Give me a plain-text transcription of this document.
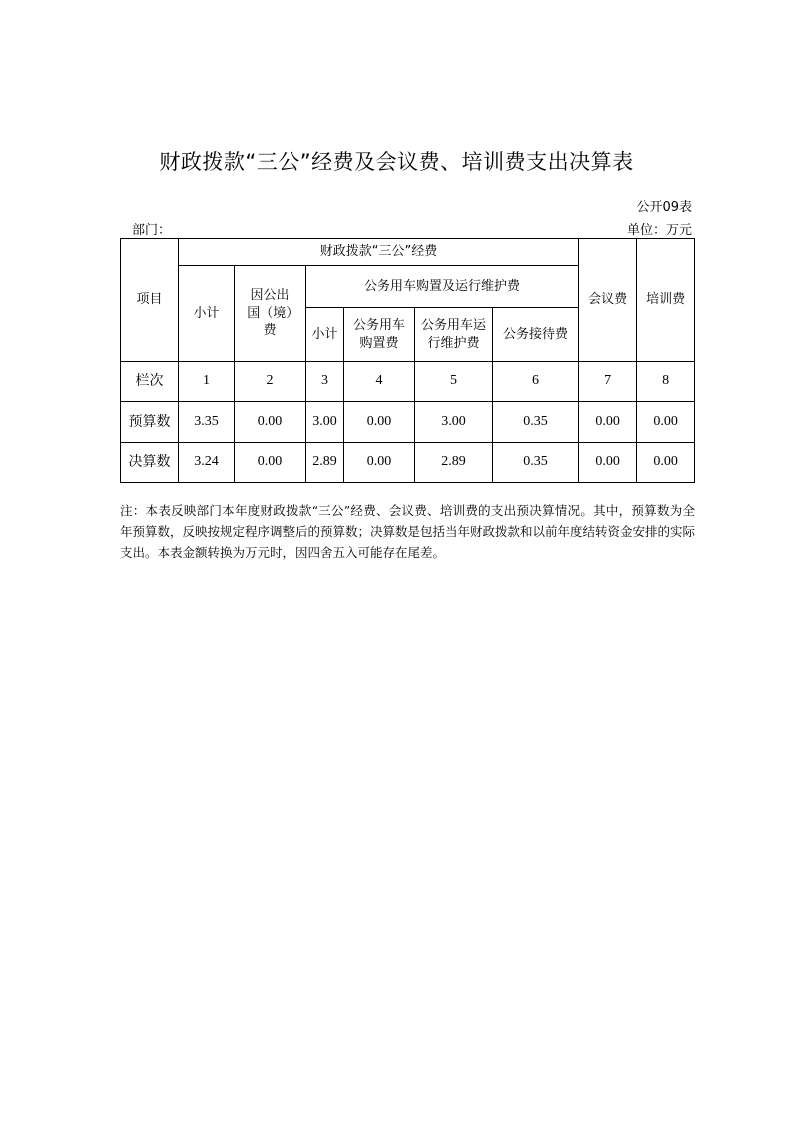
财政拨款“三公”经费及会议费、培训费支出决算表
公开09表
部门：	单位：万元
项目	财政拨款“三公”经费						会议费	培训费
	小计	因公出国（境）费	公务用车购置及运行维护费					
			小计	公务用车购置费	公务用车运行维护费	公务接待费		
栏次	1	2	3	4	5	6	7	8
预算数	3.35	0.00	3.00	0.00	3.00	0.35	0.00	0.00
决算数	3.24	0.00	2.89	0.00	2.89	0.35	0.00	0.00
注：本表反映部门本年度财政拨款“三公”经费、会议费、培训费的支出预决算情况。其中，预算数为全年预算数，反映按规定程序调整后的预算数；决算数是包括当年财政拨款和以前年度结转资金安排的实际支出。本表金额转换为万元时，因四舍五入可能存在尾差。
